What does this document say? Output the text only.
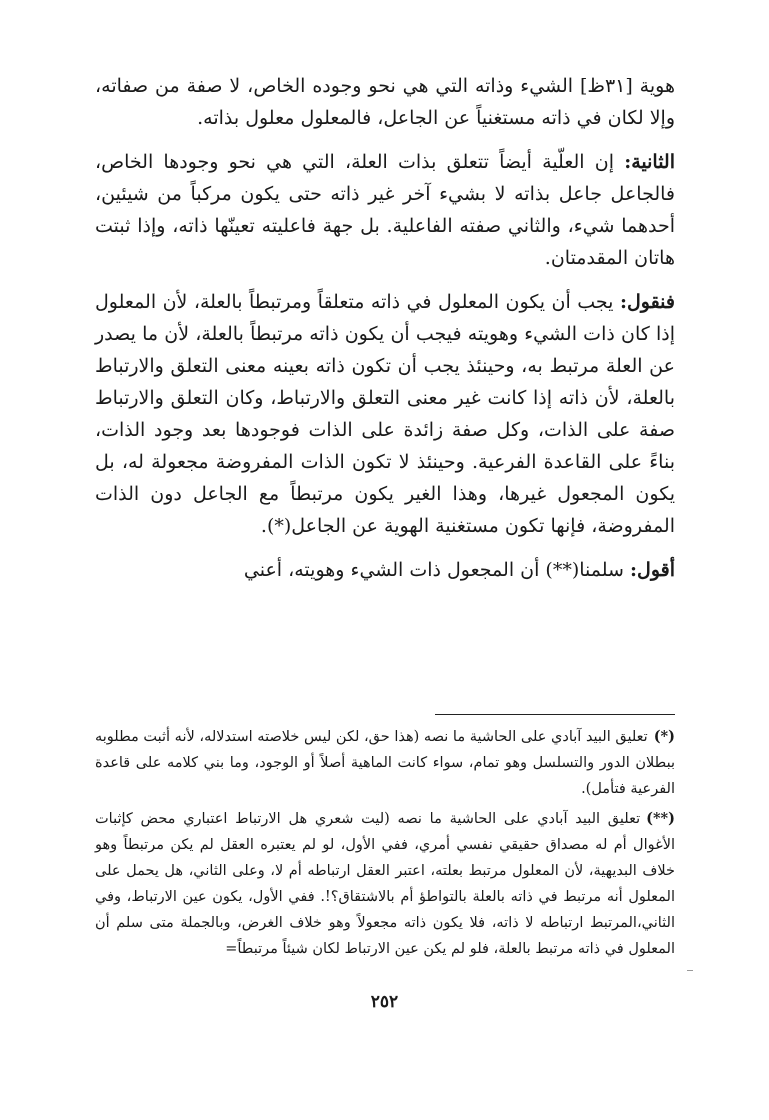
هوية [٣١ظ] الشيء وذاته التي هي نحو وجوده الخاص، لا صفة من صفاته، وإلا لكان في ذاته مستغنياً عن الجاعل، فالمعلول معلول بذاته.

الثانية: إن العلّية أيضاً تتعلق بذات العلة، التي هي نحو وجودها الخاص، فالجاعل جاعل بذاته لا بشيء آخر غير ذاته حتى يكون مركباً من شيئين، أحدهما شيء، والثاني صفته الفاعلية. بل جهة فاعليته تعينّها ذاته، وإذا ثبتت هاتان المقدمتان.

فنقول: يجب أن يكون المعلول في ذاته متعلقاً ومرتبطاً بالعلة، لأن المعلول إذا كان ذات الشيء وهويته فيجب أن يكون ذاته مرتبطاً بالعلة، لأن ما يصدر عن العلة مرتبط به، وحينئذ يجب أن تكون ذاته بعينه معنى التعلق والارتباط بالعلة، لأن ذاته إذا كانت غير معنى التعلق والارتباط، وكان التعلق والارتباط صفة على الذات، وكل صفة زائدة على الذات فوجودها بعد وجود الذات، بناءً على القاعدة الفرعية. وحينئذ لا تكون الذات المفروضة مجعولة له، بل يكون المجعول غيرها، وهذا الغير يكون مرتبطاً مع الجاعل دون الذات المفروضة، فإنها تكون مستغنية الهوية عن الجاعل(*).

أقول: سلمنا(**) أن المجعول ذات الشيء وهويته، أعني

(*)تعليق البيد آبادي على الحاشية ما نصه (هذا حق، لكن ليس خلاصته استدلاله، لأنه أثبت مطلوبه ببطلان الدور والتسلسل وهو تمام، سواء كانت الماهية أصلاً أو الوجود، وما بني كلامه على قاعدة الفرعية فتأمل).

(**)تعليق البيد آبادي على الحاشية ما نصه (ليت شعري هل الارتباط اعتباري محض كإثبات الأغوال أم له مصداق حقيقي نفسي أمري، ففي الأول، لو لم يعتبره العقل لم يكن مرتبطاً وهو خلاف البديهية، لأن المعلول مرتبط بعلته، اعتبر العقل ارتباطه أم لا، وعلى الثاني، هل يحمل على المعلول أنه مرتبط في ذاته بالعلة بالتواطؤ أم بالاشتقاق؟!. ففي الأول، يكون عين الارتباط، وفي الثاني،المرتبط ارتباطه لا ذاته، فلا يكون ذاته مجعولاً وهو خلاف الغرض، وبالجملة متى سلم أن المعلول في ذاته مرتبط بالعلة، فلو لم يكن عين الارتباط لكان شيئاً مرتبطاً=

٢٥٢
